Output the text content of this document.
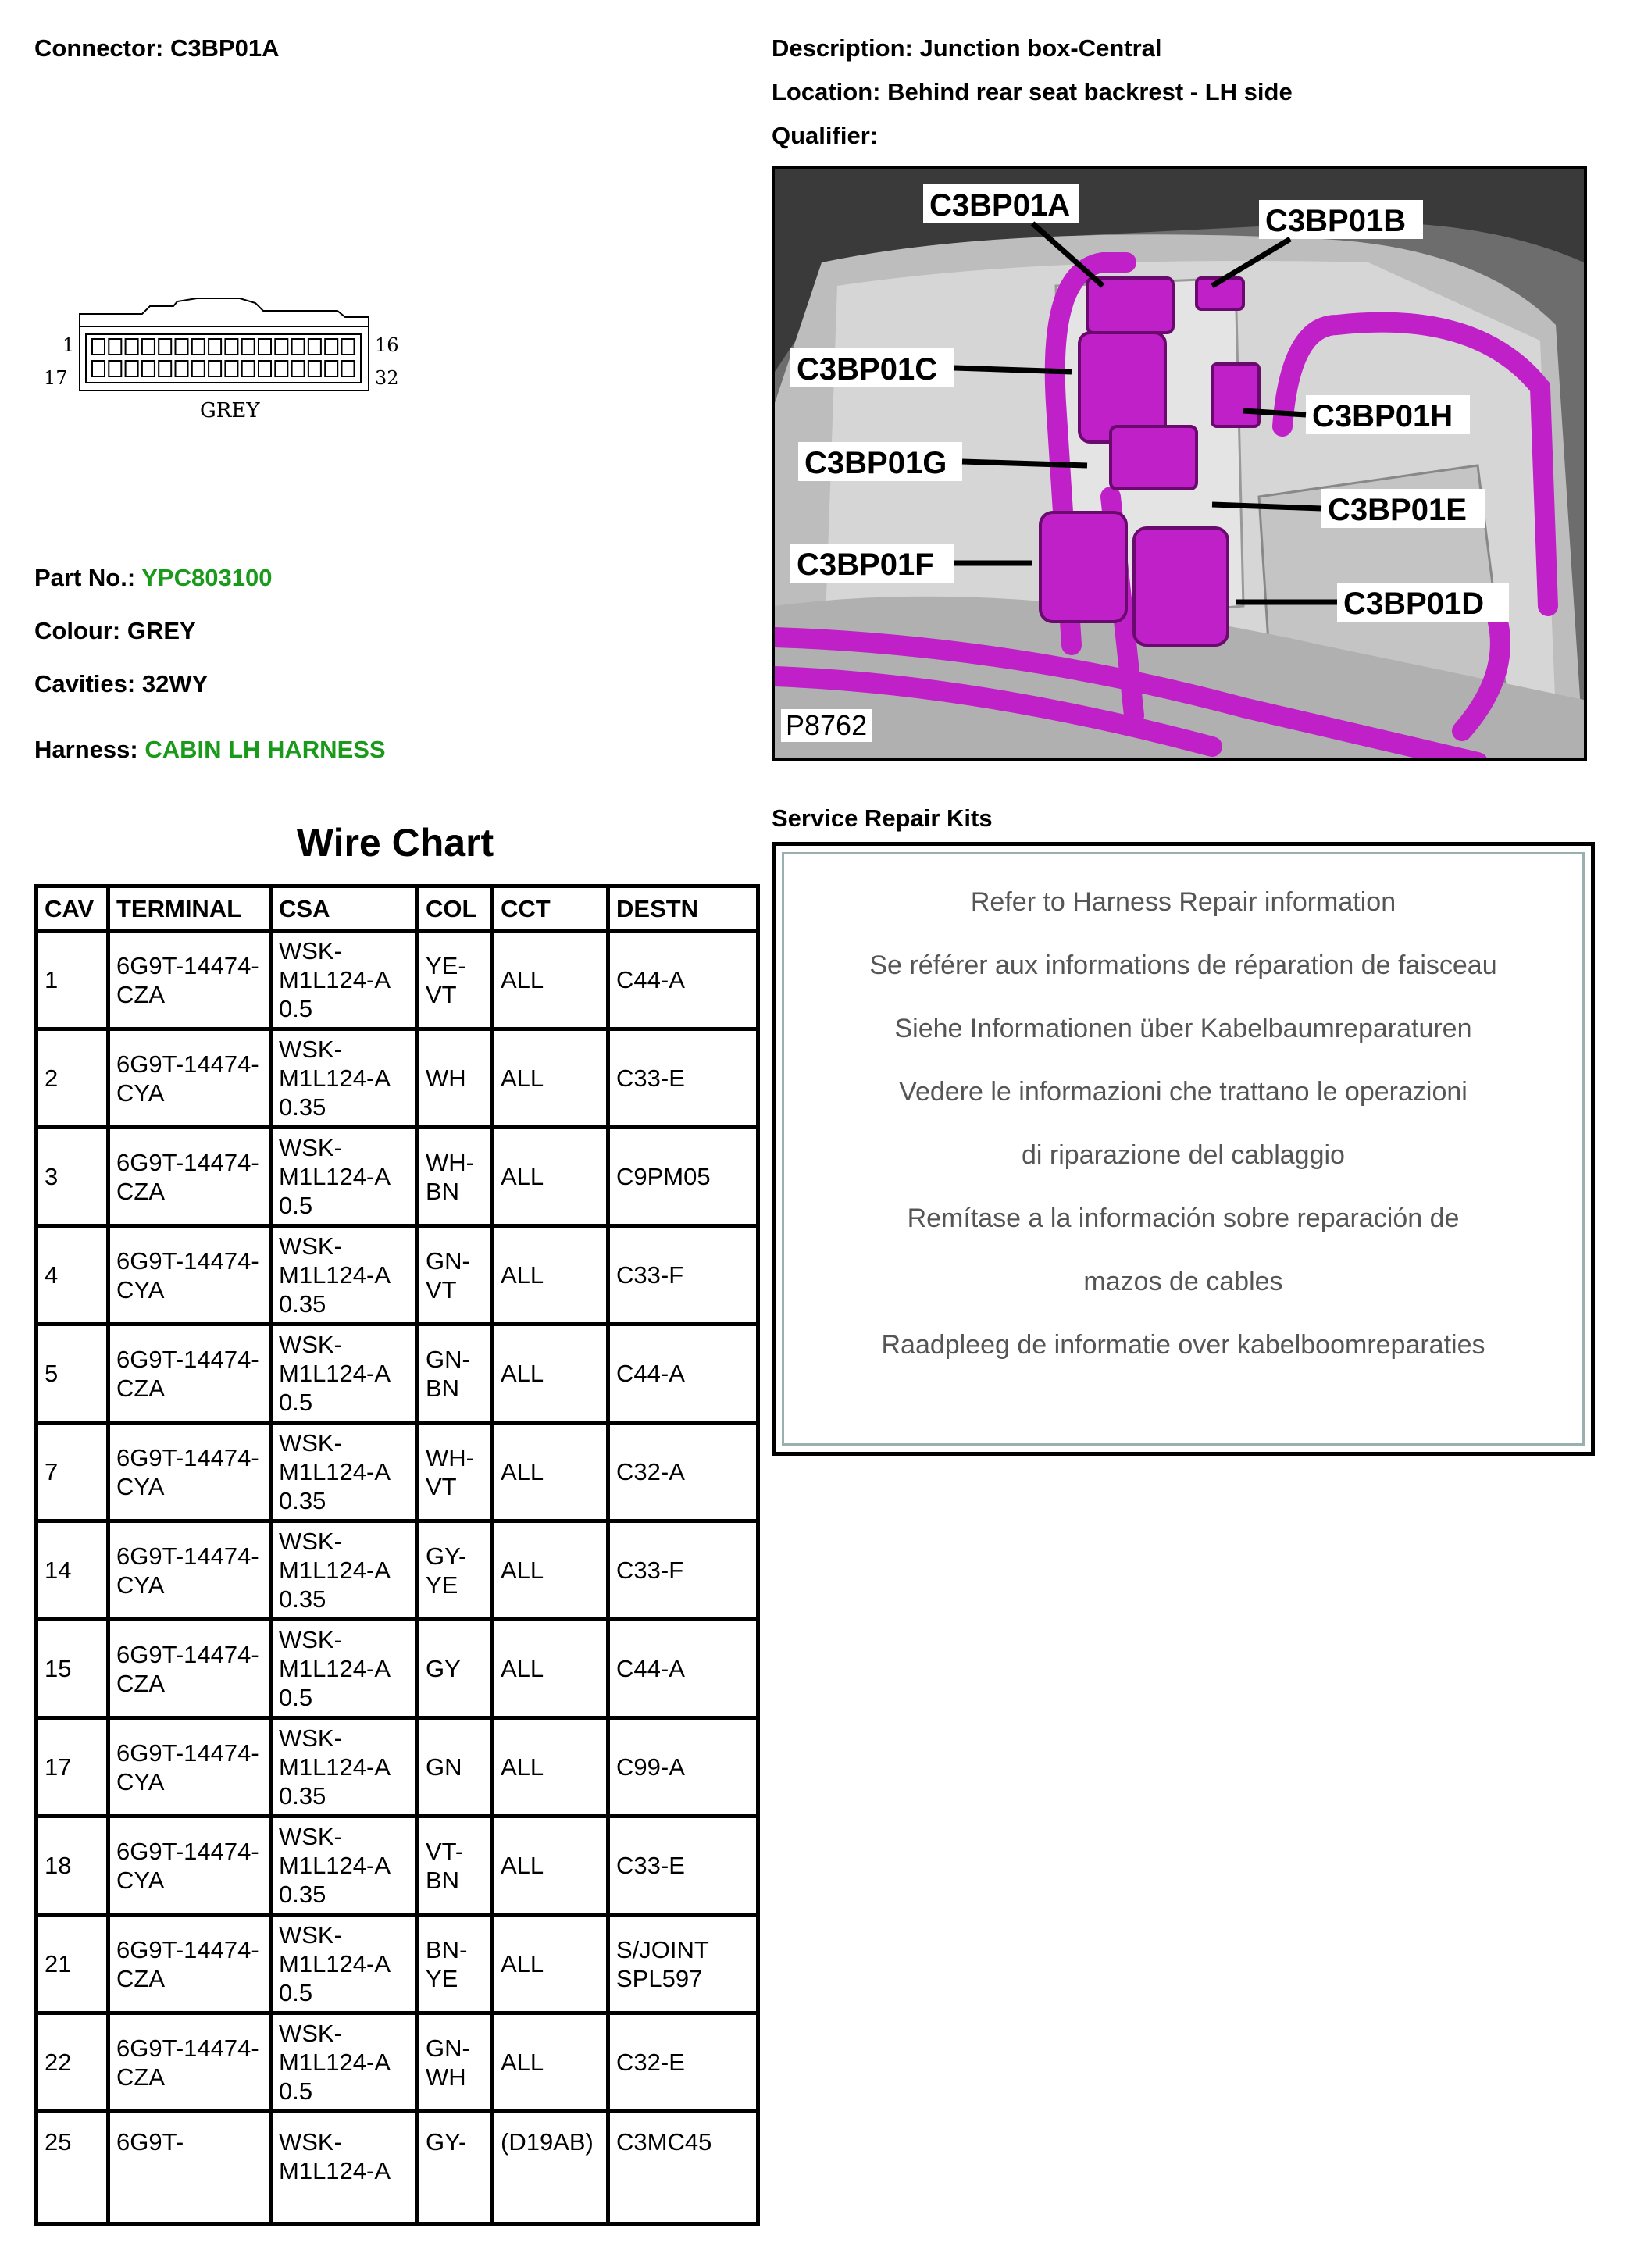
Connector: C3BP01A
1
17
16
32
GREY
Part No.: YPC803100
Colour: GREY
Cavities: 32WY
Harness: CABIN LH HARNESS
Description: Junction box-Central
Location: Behind rear seat backrest - LH side
Qualifier:
C3BP01A	C3BP01B
C3BP01C
C3BP01H
C3BP01G
C3BP01E
C3BP01F
C3BP01D
P8762
Wire Chart
CAV	TERMINAL	CSA	COL	CCT	DESTN
1	6G9T-14474-CZA	WSK-M1L124-A 0.5	YE-VT	ALL	C44-A
2	6G9T-14474-CYA	WSK-M1L124-A 0.35	WH	ALL	C33-E
3	6G9T-14474-CZA	WSK-M1L124-A 0.5	WH-BN	ALL	C9PM05
4	6G9T-14474-CYA	WSK-M1L124-A 0.35	GN-VT	ALL	C33-F
5	6G9T-14474-CZA	WSK-M1L124-A 0.5	GN-BN	ALL	C44-A
7	6G9T-14474-CYA	WSK-M1L124-A 0.35	WH-VT	ALL	C32-A
14	6G9T-14474-CYA	WSK-M1L124-A 0.35	GY-YE	ALL	C33-F
15	6G9T-14474-CZA	WSK-M1L124-A 0.5	GY	ALL	C44-A
17	6G9T-14474-CYA	WSK-M1L124-A 0.35	GN	ALL	C99-A
18	6G9T-14474-CYA	WSK-M1L124-A 0.35	VT-BN	ALL	C33-E
21	6G9T-14474-CZA	WSK-M1L124-A 0.5	BN-YE	ALL	S/JOINT SPL597
22	6G9T-14474-CZA	WSK-M1L124-A 0.5	GN-WH	ALL	C32-E
25	6G9T-	WSK-M1L124-A	GY-	(D19AB)	C3MC45
Service Repair Kits
Refer to Harness Repair information
Se référer aux informations de réparation de faisceau
Siehe Informationen über Kabelbaumreparaturen
Vedere le informazioni che trattano le operazioni
di riparazione del cablaggio
Remítase a la información sobre reparación de
mazos de cables
Raadpleeg de informatie over kabelboomreparaties
